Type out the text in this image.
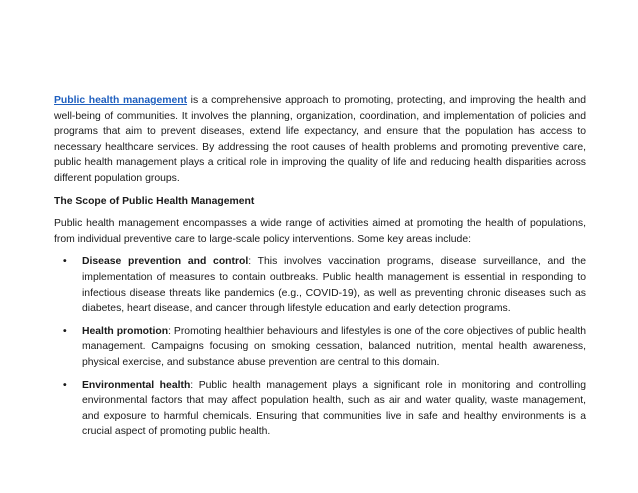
Public health management is a comprehensive approach to promoting, protecting, and improving the health and well-being of communities. It involves the planning, organization, coordination, and implementation of policies and programs that aim to prevent diseases, extend life expectancy, and ensure that the population has access to necessary healthcare services. By addressing the root causes of health problems and promoting preventive care, public health management plays a critical role in improving the quality of life and reducing health disparities across different population groups.

The Scope of Public Health Management

Public health management encompasses a wide range of activities aimed at promoting the health of populations, from individual preventive care to large-scale policy interventions. Some key areas include:

• Disease prevention and control: This involves vaccination programs, disease surveillance, and the implementation of measures to contain outbreaks. Public health management is essential in responding to infectious disease threats like pandemics (e.g., COVID-19), as well as preventing chronic diseases such as diabetes, heart disease, and cancer through lifestyle education and early detection programs.
• Health promotion: Promoting healthier behaviours and lifestyles is one of the core objectives of public health management. Campaigns focusing on smoking cessation, balanced nutrition, mental health awareness, physical exercise, and substance abuse prevention are central to this domain.
• Environmental health: Public health management plays a significant role in monitoring and controlling environmental factors that may affect population health, such as air and water quality, waste management, and exposure to harmful chemicals. Ensuring that communities live in safe and healthy environments is a crucial aspect of promoting public health.
